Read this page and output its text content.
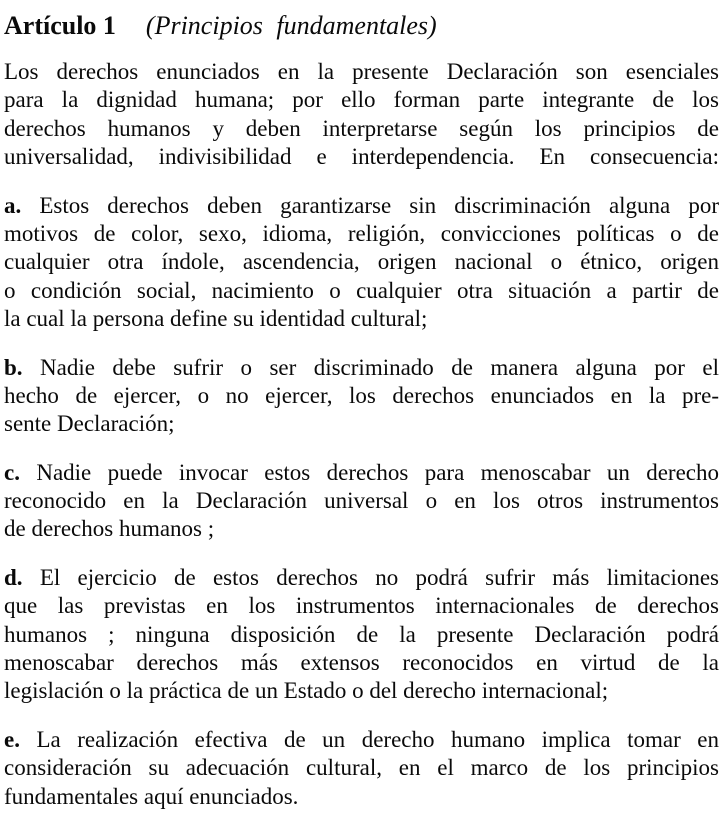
Artículo 1 (Principios fundamentales)
Los derechos enunciados en la presente Declaración son esenciales
para la dignidad humana; por ello forman parte integrante de los
derechos humanos y deben interpretarse según los principios de
universalidad, indivisibilidad e interdependencia. En consecuencia:
a. Estos derechos deben garantizarse sin discriminación alguna por
motivos de color, sexo, idioma, religión, convicciones políticas o de
cualquier otra índole, ascendencia, origen nacional o étnico, origen
o condición social, nacimiento o cualquier otra situación a partir de
la cual la persona define su identidad cultural;
b. Nadie debe sufrir o ser discriminado de manera alguna por el
hecho de ejercer, o no ejercer, los derechos enunciados en la pre-
sente Declaración;
c. Nadie puede invocar estos derechos para menoscabar un derecho
reconocido en la Declaración universal o en los otros instrumentos
de derechos humanos ;
d. El ejercicio de estos derechos no podrá sufrir más limitaciones
que las previstas en los instrumentos internacionales de derechos
humanos ; ninguna disposición de la presente Declaración podrá
menoscabar derechos más extensos reconocidos en virtud de la
legislación o la práctica de un Estado o del derecho internacional;
e. La realización efectiva de un derecho humano implica tomar en
consideración su adecuación cultural, en el marco de los principios
fundamentales aquí enunciados.
